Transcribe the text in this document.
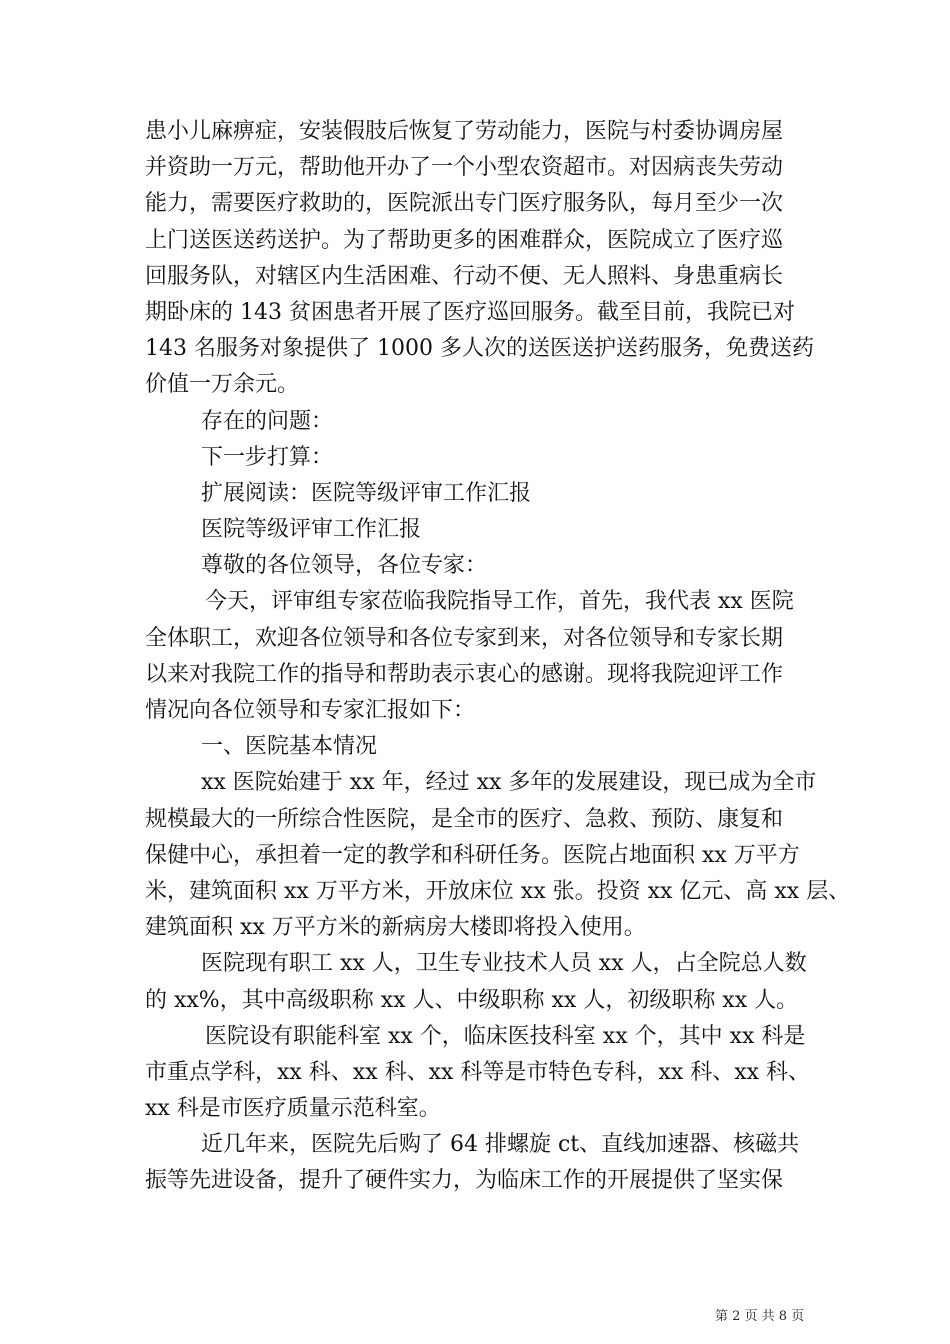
患小儿麻痹症，安装假肢后恢复了劳动能力，医院与村委协调房屋
并资助一万元，帮助他开办了一个小型农资超市。对因病丧失劳动
能力，需要医疗救助的，医院派出专门医疗服务队，每月至少一次
上门送医送药送护。为了帮助更多的困难群众，医院成立了医疗巡
回服务队，对辖区内生活困难、行动不便、无人照料、身患重病长
期卧床的 143 贫困患者开展了医疗巡回服务。截至目前，我院已对
143 名服务对象提供了 1000 多人次的送医送护送药服务，免费送药
价值一万余元。
存在的问题：
下一步打算：
扩展阅读：医院等级评审工作汇报
医院等级评审工作汇报
尊敬的各位领导，各位专家：
今天，评审组专家莅临我院指导工作，首先，我代表 xx 医院
全体职工，欢迎各位领导和各位专家到来，对各位领导和专家长期
以来对我院工作的指导和帮助表示衷心的感谢。现将我院迎评工作
情况向各位领导和专家汇报如下：
一、医院基本情况
xx 医院始建于 xx 年，经过 xx 多年的发展建设，现已成为全市
规模最大的一所综合性医院，是全市的医疗、急救、预防、康复和
保健中心，承担着一定的教学和科研任务。医院占地面积 xx 万平方
米，建筑面积 xx 万平方米，开放床位 xx 张。投资 xx 亿元、高 xx 层、
建筑面积 xx 万平方米的新病房大楼即将投入使用。
医院现有职工 xx 人，卫生专业技术人员 xx 人，占全院总人数
的 xx%，其中高级职称 xx 人、中级职称 xx 人，初级职称 xx 人。
医院设有职能科室 xx 个，临床医技科室 xx 个，其中 xx 科是
市重点学科，xx 科、xx 科、xx 科等是市特色专科，xx 科、xx 科、
xx 科是市医疗质量示范科室。
近几年来，医院先后购了 64 排螺旋 ct、直线加速器、核磁共
振等先进设备，提升了硬件实力，为临床工作的开展提供了坚实保
第 2 页 共 8 页
